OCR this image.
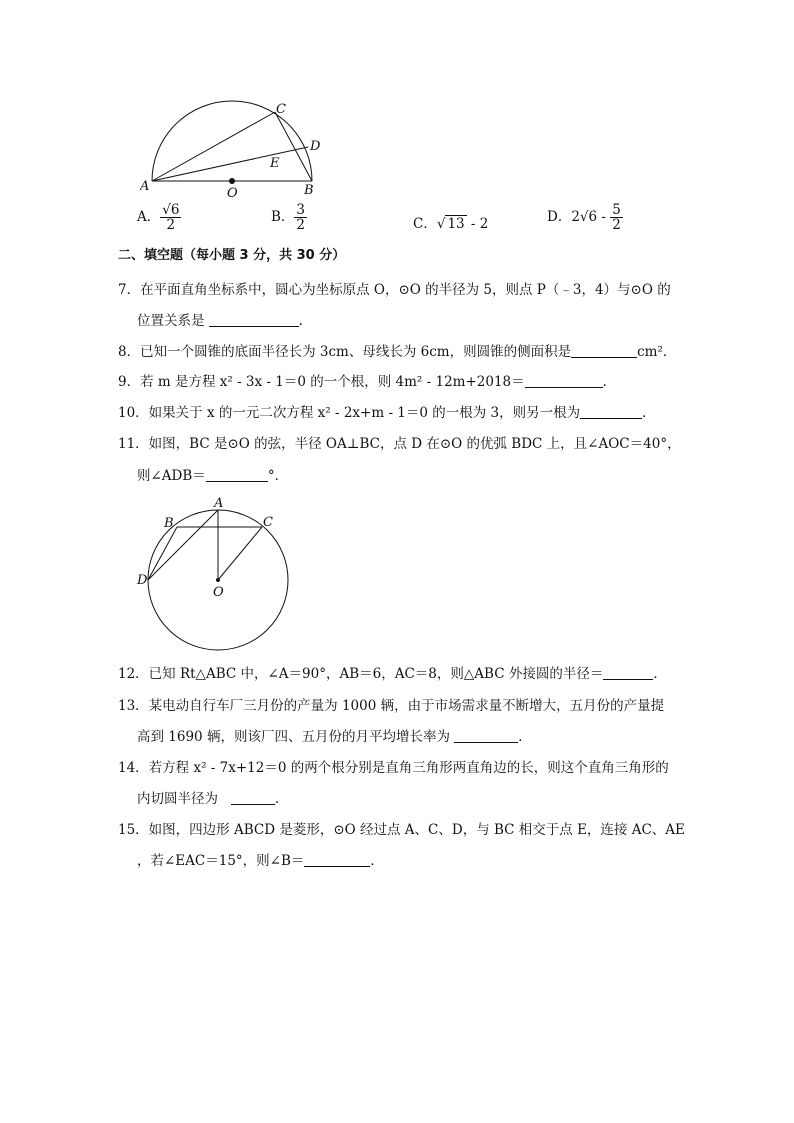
A	O	B
C
D
E
A． $\frac{√6}{2}$	B． $\frac{3}{2}$	C．√ 13 - 2	D．$2√6 - \frac{5}{2}$
二、填空题（每小题 3 分，共 30 分）
7．在平面直角坐标系中，圆心为坐标原点 O，⊙O 的半径为 5，则点 P（﹣3，4）与⊙O 的
位置关系是	．
8．已知一个圆锥的底面半径长为 3cm、母线长为 6cm，则圆锥的侧面积是	cm²．
9．若 m 是方程 x² - 3x - 1＝0 的一个根，则 4m² - 12m+2018＝	．
10．如果关于 x 的一元二次方程 x² - 2x+m - 1＝0 的一根为 3，则另一根为	．
11．如图，BC 是⊙O 的弦，半径 OA⊥BC，点 D 在⊙O 的优弧 BDC 上，且∠AOC＝40°，
则∠ADB＝	°．
A
B	C
D
O
12．已知 Rt△ABC 中，∠A＝90°，AB＝6，AC＝8，则△ABC 外接圆的半径＝	．
13．某电动自行车厂三月份的产量为 1000 辆，由于市场需求量不断增大，五月份的产量提
高到 1690 辆，则该厂四、五月份的月平均增长率为	．
14．若方程 x² - 7x+12＝0 的两个根分别是直角三角形两直角边的长，则这个直角三角形的
内切圆半径为	．
15．如图，四边形 ABCD 是菱形，⊙O 经过点 A、C、D，与 BC 相交于点 E，连接 AC、AE
，若∠EAC＝15°，则∠B＝	．
